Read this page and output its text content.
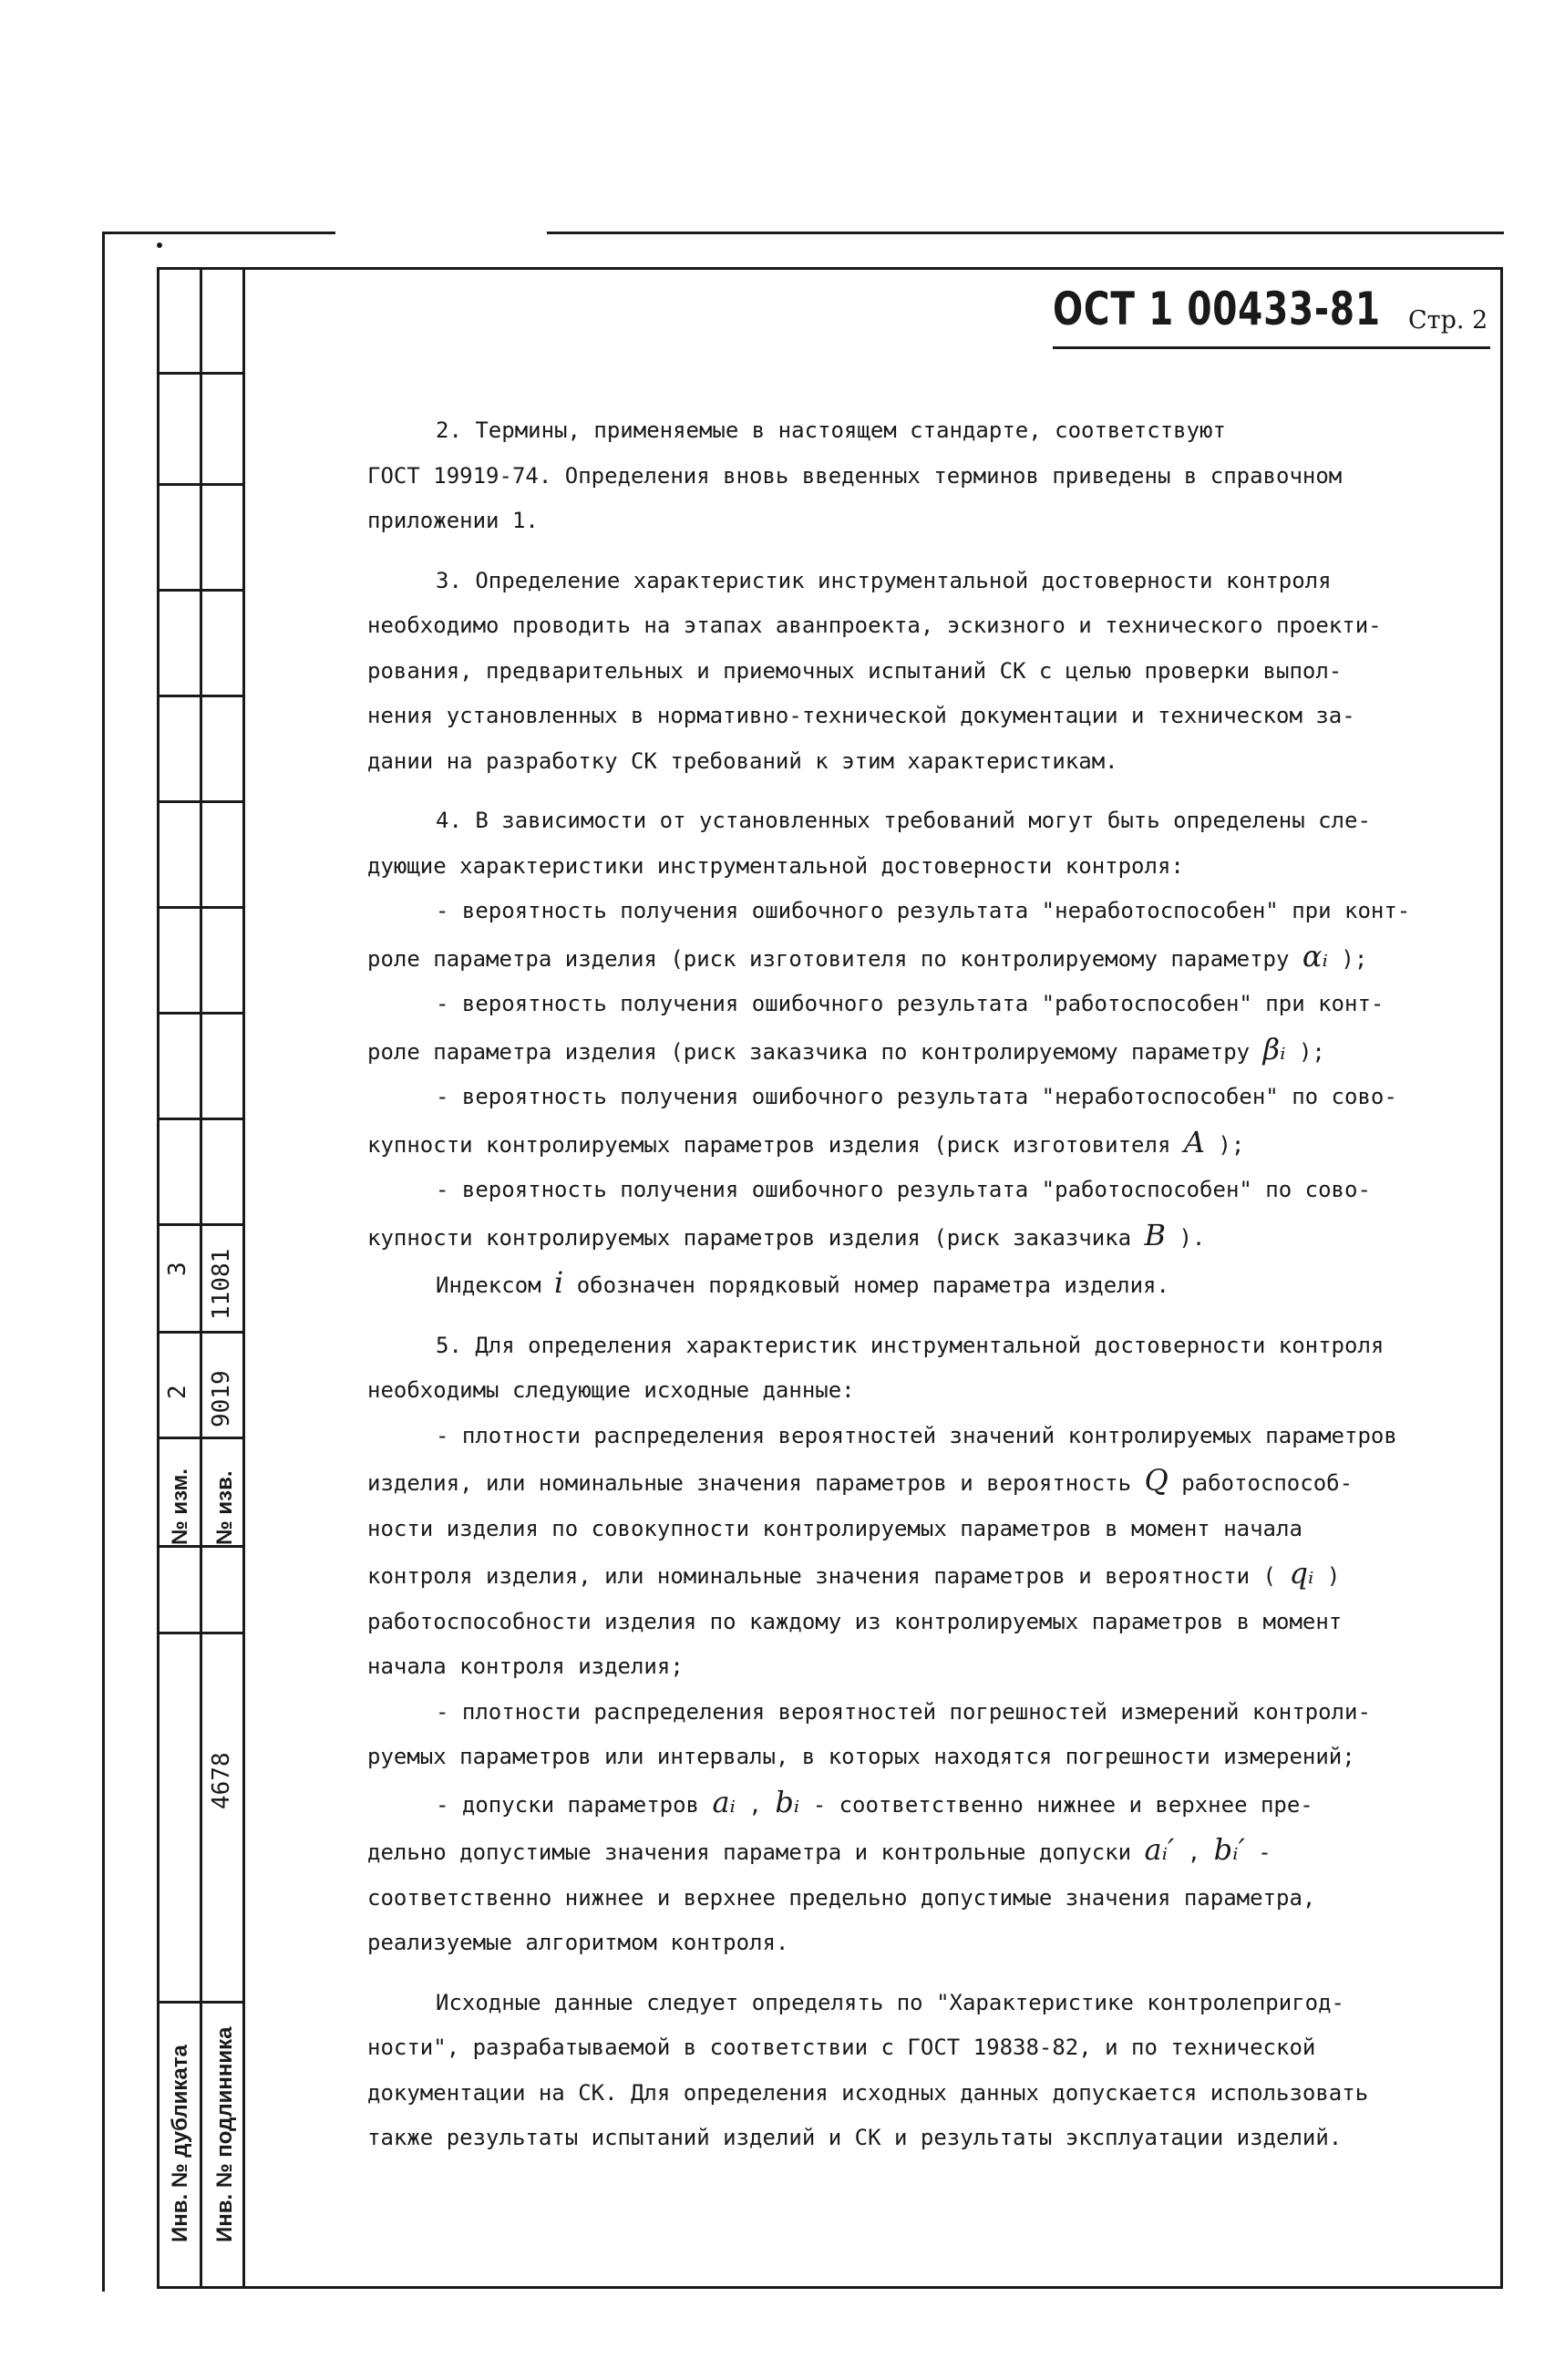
11081
3
9019
2
№ изв.
№ изм.
4678
Инв. № дубликата Инв. № подлинника
ОСТ 1 00433-81 Стр. 2

2. Термины, применяемые в настоящем стандарте, соответствуют

ГОСТ 19919-74. Определения вновь введенных терминов приведены в справочном

приложении 1.

3. Определение характеристик инструментальной достоверности контроля

необходимо проводить на этапах аванпроекта, эскизного и технического проекти-

рования, предварительных и приемочных испытаний СК с целью проверки выпол-

нения установленных в нормативно-технической документации и техническом за-

дании на разработку СК требований к этим характеристикам.

4. В зависимости от установленных требований могут быть определены сле-

дующие характеристики инструментальной достоверности контроля:

- вероятность получения ошибочного результата "неработоспособен" при конт-

роле параметра изделия (риск изготовителя по контролируемому параметру αᵢ );

- вероятность получения ошибочного результата "работоспособен" при конт-

роле параметра изделия (риск заказчика по контролируемому параметру βᵢ );

- вероятность получения ошибочного результата "неработоспособен" по сово-

купности контролируемых параметров изделия (риск изготовителя A );

- вероятность получения ошибочного результата "работоспособен" по сово-

купности контролируемых параметров изделия (риск заказчика B ).

Индексом i обозначен порядковый номер параметра изделия.

5. Для определения характеристик инструментальной достоверности контроля

необходимы следующие исходные данные:

- плотности распределения вероятностей значений контролируемых параметров

изделия, или номинальные значения параметров и вероятность Q работоспособ-

ности изделия по совокупности контролируемых параметров в момент начала

контроля изделия, или номинальные значения параметров и вероятности ( qᵢ )

работоспособности изделия по каждому из контролируемых параметров в момент

начала контроля изделия;

- плотности распределения вероятностей погрешностей измерений контроли-

руемых параметров или интервалы, в которых находятся погрешности измерений;

- допуски параметров aᵢ , bᵢ - соответственно нижнее и верхнее пре-

дельно допустимые значения параметра и контрольные допуски aᵢ′ , bᵢ′ -

соответственно нижнее и верхнее предельно допустимые значения параметра,

реализуемые алгоритмом контроля.

Исходные данные следует определять по "Характеристике контролепригод-

ности", разрабатываемой в соответствии с ГОСТ 19838-82, и по технической

документации на СК. Для определения исходных данных допускается использовать

также результаты испытаний изделий и СК и результаты эксплуатации изделий.
